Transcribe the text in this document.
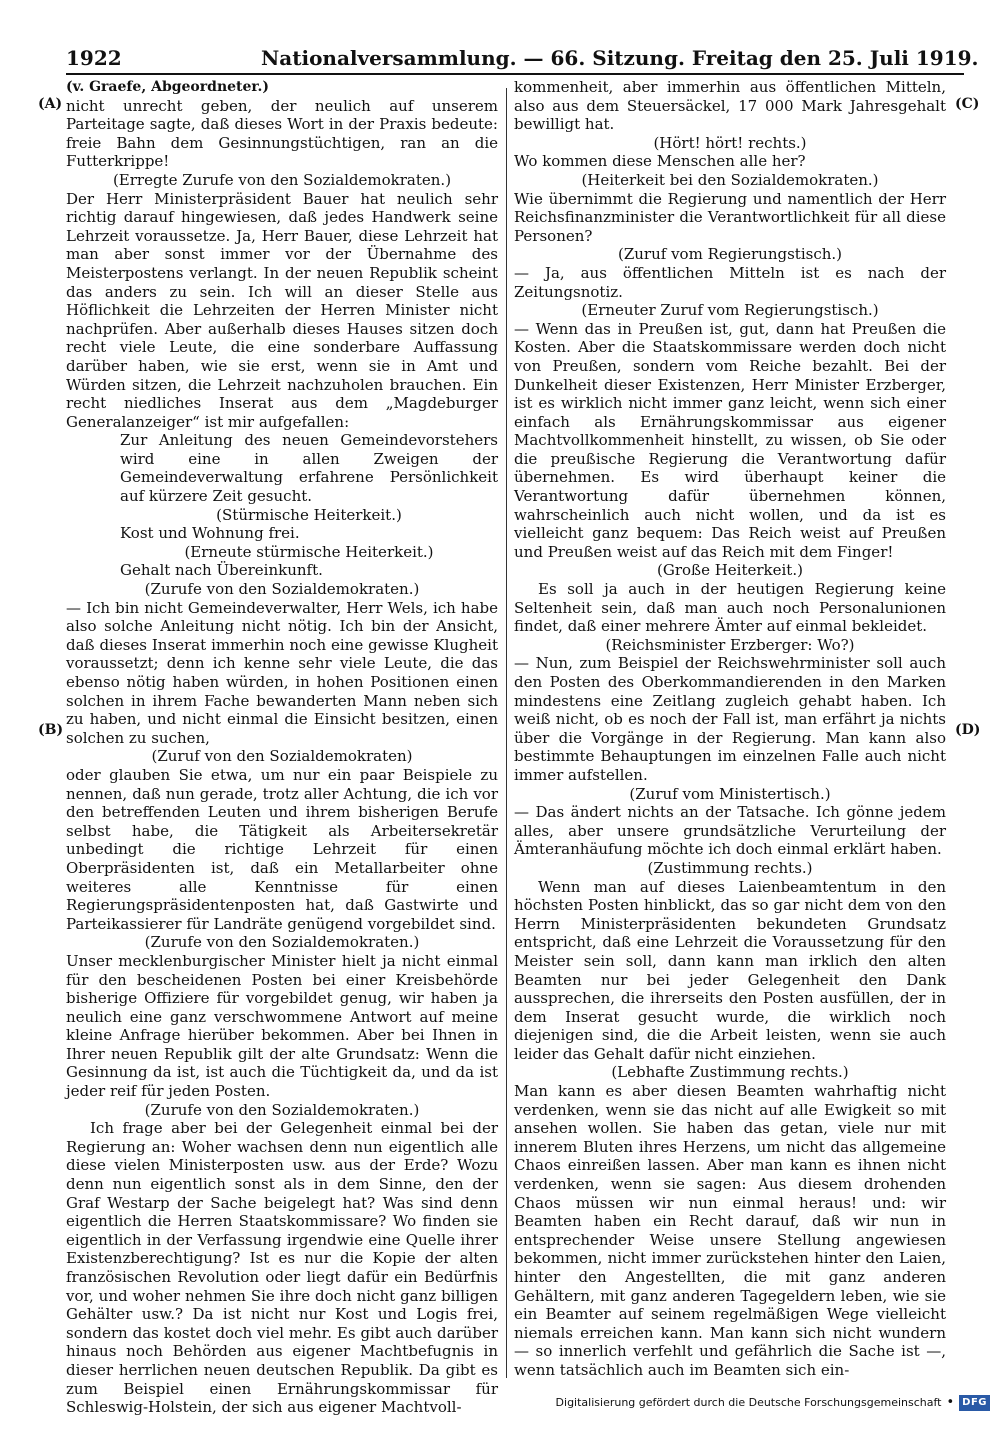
1922	Nationalversammlung. — 66. Sitzung. Freitag den 25. Juli 1919.
(A)
(B)
(C)
(D)

(v. Graefe, Abgeordneter.)

nicht unrecht geben, der neulich auf unserem Parteitage sagte, daß dieses Wort in der Praxis bedeute: freie Bahn dem Gesinnungstüchtigen, ran an die Futterkrippe!

(Erregte Zurufe von den Sozialdemokraten.)

Der Herr Ministerpräsident Bauer hat neulich sehr richtig darauf hingewiesen, daß jedes Handwerk seine Lehrzeit voraussetze. Ja, Herr Bauer, diese Lehrzeit hat man aber sonst immer vor der Übernahme des Meisterpostens verlangt. In der neuen Republik scheint das anders zu sein. Ich will an dieser Stelle aus Höflichkeit die Lehrzeiten der Herren Minister nicht nachprüfen. Aber außerhalb dieses Hauses sitzen doch recht viele Leute, die eine sonderbare Auffassung darüber haben, wie sie erst, wenn sie in Amt und Würden sitzen, die Lehrzeit nachzuholen brauchen. Ein recht niedliches Inserat aus dem „Magdeburger Generalanzeiger“ ist mir aufgefallen:

Zur Anleitung des neuen Gemeindevorstehers wird eine in allen Zweigen der Gemeindeverwaltung erfahrene Persönlichkeit auf kürzere Zeit gesucht.

(Stürmische Heiterkeit.)

Kost und Wohnung frei.

(Erneute stürmische Heiterkeit.)

Gehalt nach Übereinkunft.

(Zurufe von den Sozialdemokraten.)

— Ich bin nicht Gemeindeverwalter, Herr Wels, ich habe also solche Anleitung nicht nötig. Ich bin der Ansicht, daß dieses Inserat immerhin noch eine gewisse Klugheit voraussetzt; denn ich kenne sehr viele Leute, die das ebenso nötig haben würden, in hohen Positionen einen solchen in ihrem Fache bewanderten Mann neben sich zu haben, und nicht einmal die Einsicht besitzen, einen solchen zu suchen,

(Zuruf von den Sozialdemokraten)

oder glauben Sie etwa, um nur ein paar Beispiele zu nennen, daß nun gerade, trotz aller Achtung, die ich vor den betreffenden Leuten und ihrem bisherigen Berufe selbst habe, die Tätigkeit als Arbeitersekretär unbedingt die richtige Lehrzeit für einen Oberpräsidenten ist, daß ein Metallarbeiter ohne weiteres alle Kenntnisse für einen Regierungspräsidentenposten hat, daß Gastwirte und Parteikassierer für Landräte genügend vorgebildet sind.

(Zurufe von den Sozialdemokraten.)

Unser mecklenburgischer Minister hielt ja nicht einmal für den bescheidenen Posten bei einer Kreisbehörde bisherige Offiziere für vorgebildet genug, wir haben ja neulich eine ganz verschwommene Antwort auf meine kleine Anfrage hierüber bekommen. Aber bei Ihnen in Ihrer neuen Republik gilt der alte Grundsatz: Wenn die Gesinnung da ist, ist auch die Tüchtigkeit da, und da ist jeder reif für jeden Posten.

(Zurufe von den Sozialdemokraten.)

Ich frage aber bei der Gelegenheit einmal bei der Regierung an: Woher wachsen denn nun eigentlich alle diese vielen Ministerposten usw. aus der Erde? Wozu denn nun eigentlich sonst als in dem Sinne, den der Graf Westarp der Sache beigelegt hat? Was sind denn eigentlich die Herren Staatskommissare? Wo finden sie eigentlich in der Verfassung irgendwie eine Quelle ihrer Existenzberechtigung? Ist es nur die Kopie der alten französischen Revolution oder liegt dafür ein Bedürfnis vor, und woher nehmen Sie ihre doch nicht ganz billigen Gehälter usw.? Da ist nicht nur Kost und Logis frei, sondern das kostet doch viel mehr. Es gibt auch darüber hinaus noch Behörden aus eigener Machtbefugnis in dieser herrlichen neuen deutschen Republik. Da gibt es zum Beispiel einen Ernährungskommissar für Schleswig-Holstein, der sich aus eigener Machtvoll-

kommenheit, aber immerhin aus öffentlichen Mitteln, also aus dem Steuersäckel, 17 000 Mark Jahresgehalt bewilligt hat.

(Hört! hört! rechts.)

Wo kommen diese Menschen alle her?

(Heiterkeit bei den Sozialdemokraten.)

Wie übernimmt die Regierung und namentlich der Herr Reichsfinanzminister die Verantwortlichkeit für all diese Personen?

(Zuruf vom Regierungstisch.)

— Ja, aus öffentlichen Mitteln ist es nach der Zeitungsnotiz.

(Erneuter Zuruf vom Regierungstisch.)

— Wenn das in Preußen ist, gut, dann hat Preußen die Kosten. Aber die Staatskommissare werden doch nicht von Preußen, sondern vom Reiche bezahlt. Bei der Dunkelheit dieser Existenzen, Herr Minister Erzberger, ist es wirklich nicht immer ganz leicht, wenn sich einer einfach als Ernährungskommissar aus eigener Machtvollkommenheit hinstellt, zu wissen, ob Sie oder die preußische Regierung die Verantwortung dafür übernehmen. Es wird überhaupt keiner die Verantwortung dafür übernehmen können, wahrscheinlich auch nicht wollen, und da ist es vielleicht ganz bequem: Das Reich weist auf Preußen und Preußen weist auf das Reich mit dem Finger!

(Große Heiterkeit.)

Es soll ja auch in der heutigen Regierung keine Seltenheit sein, daß man auch noch Personalunionen findet, daß einer mehrere Ämter auf einmal bekleidet.

(Reichsminister Erzberger: Wo?)

— Nun, zum Beispiel der Reichswehrminister soll auch den Posten des Oberkommandierenden in den Marken mindestens eine Zeitlang zugleich gehabt haben. Ich weiß nicht, ob es noch der Fall ist, man erfährt ja nichts über die Vorgänge in der Regierung. Man kann also bestimmte Behauptungen im einzelnen Falle auch nicht immer aufstellen.

(Zuruf vom Ministertisch.)

— Das ändert nichts an der Tatsache. Ich gönne jedem alles, aber unsere grundsätzliche Verurteilung der Ämteranhäufung möchte ich doch einmal erklärt haben.

(Zustimmung rechts.)

Wenn man auf dieses Laienbeamtentum in den höchsten Posten hinblickt, das so gar nicht dem von den Herrn Ministerpräsidenten bekundeten Grundsatz entspricht, daß eine Lehrzeit die Voraussetzung für den Meister sein soll, dann kann man irklich den alten Beamten nur bei jeder Gelegenheit den Dank aussprechen, die ihrerseits den Posten ausfüllen, der in dem Inserat gesucht wurde, die wirklich noch diejenigen sind, die die Arbeit leisten, wenn sie auch leider das Gehalt dafür nicht einziehen.

(Lebhafte Zustimmung rechts.)

Man kann es aber diesen Beamten wahrhaftig nicht verdenken, wenn sie das nicht auf alle Ewigkeit so mit ansehen wollen. Sie haben das getan, viele nur mit innerem Bluten ihres Herzens, um nicht das allgemeine Chaos einreißen lassen. Aber man kann es ihnen nicht verdenken, wenn sie sagen: Aus diesem drohenden Chaos müssen wir nun einmal heraus! und: wir Beamten haben ein Recht darauf, daß wir nun in entsprechender Weise unsere Stellung angewiesen bekommen, nicht immer zurückstehen hinter den Laien, hinter den Angestellten, die mit ganz anderen Gehältern, mit ganz anderen Tagegeldern leben, wie sie ein Beamter auf seinem regelmäßigen Wege vielleicht niemals erreichen kann. Man kann sich nicht wundern — so innerlich verfehlt und gefährlich die Sache ist —, wenn tatsächlich auch im Beamten sich ein-

Digitalisierung gefördert durch die Deutsche Forschungsgemeinschaft • DFG
